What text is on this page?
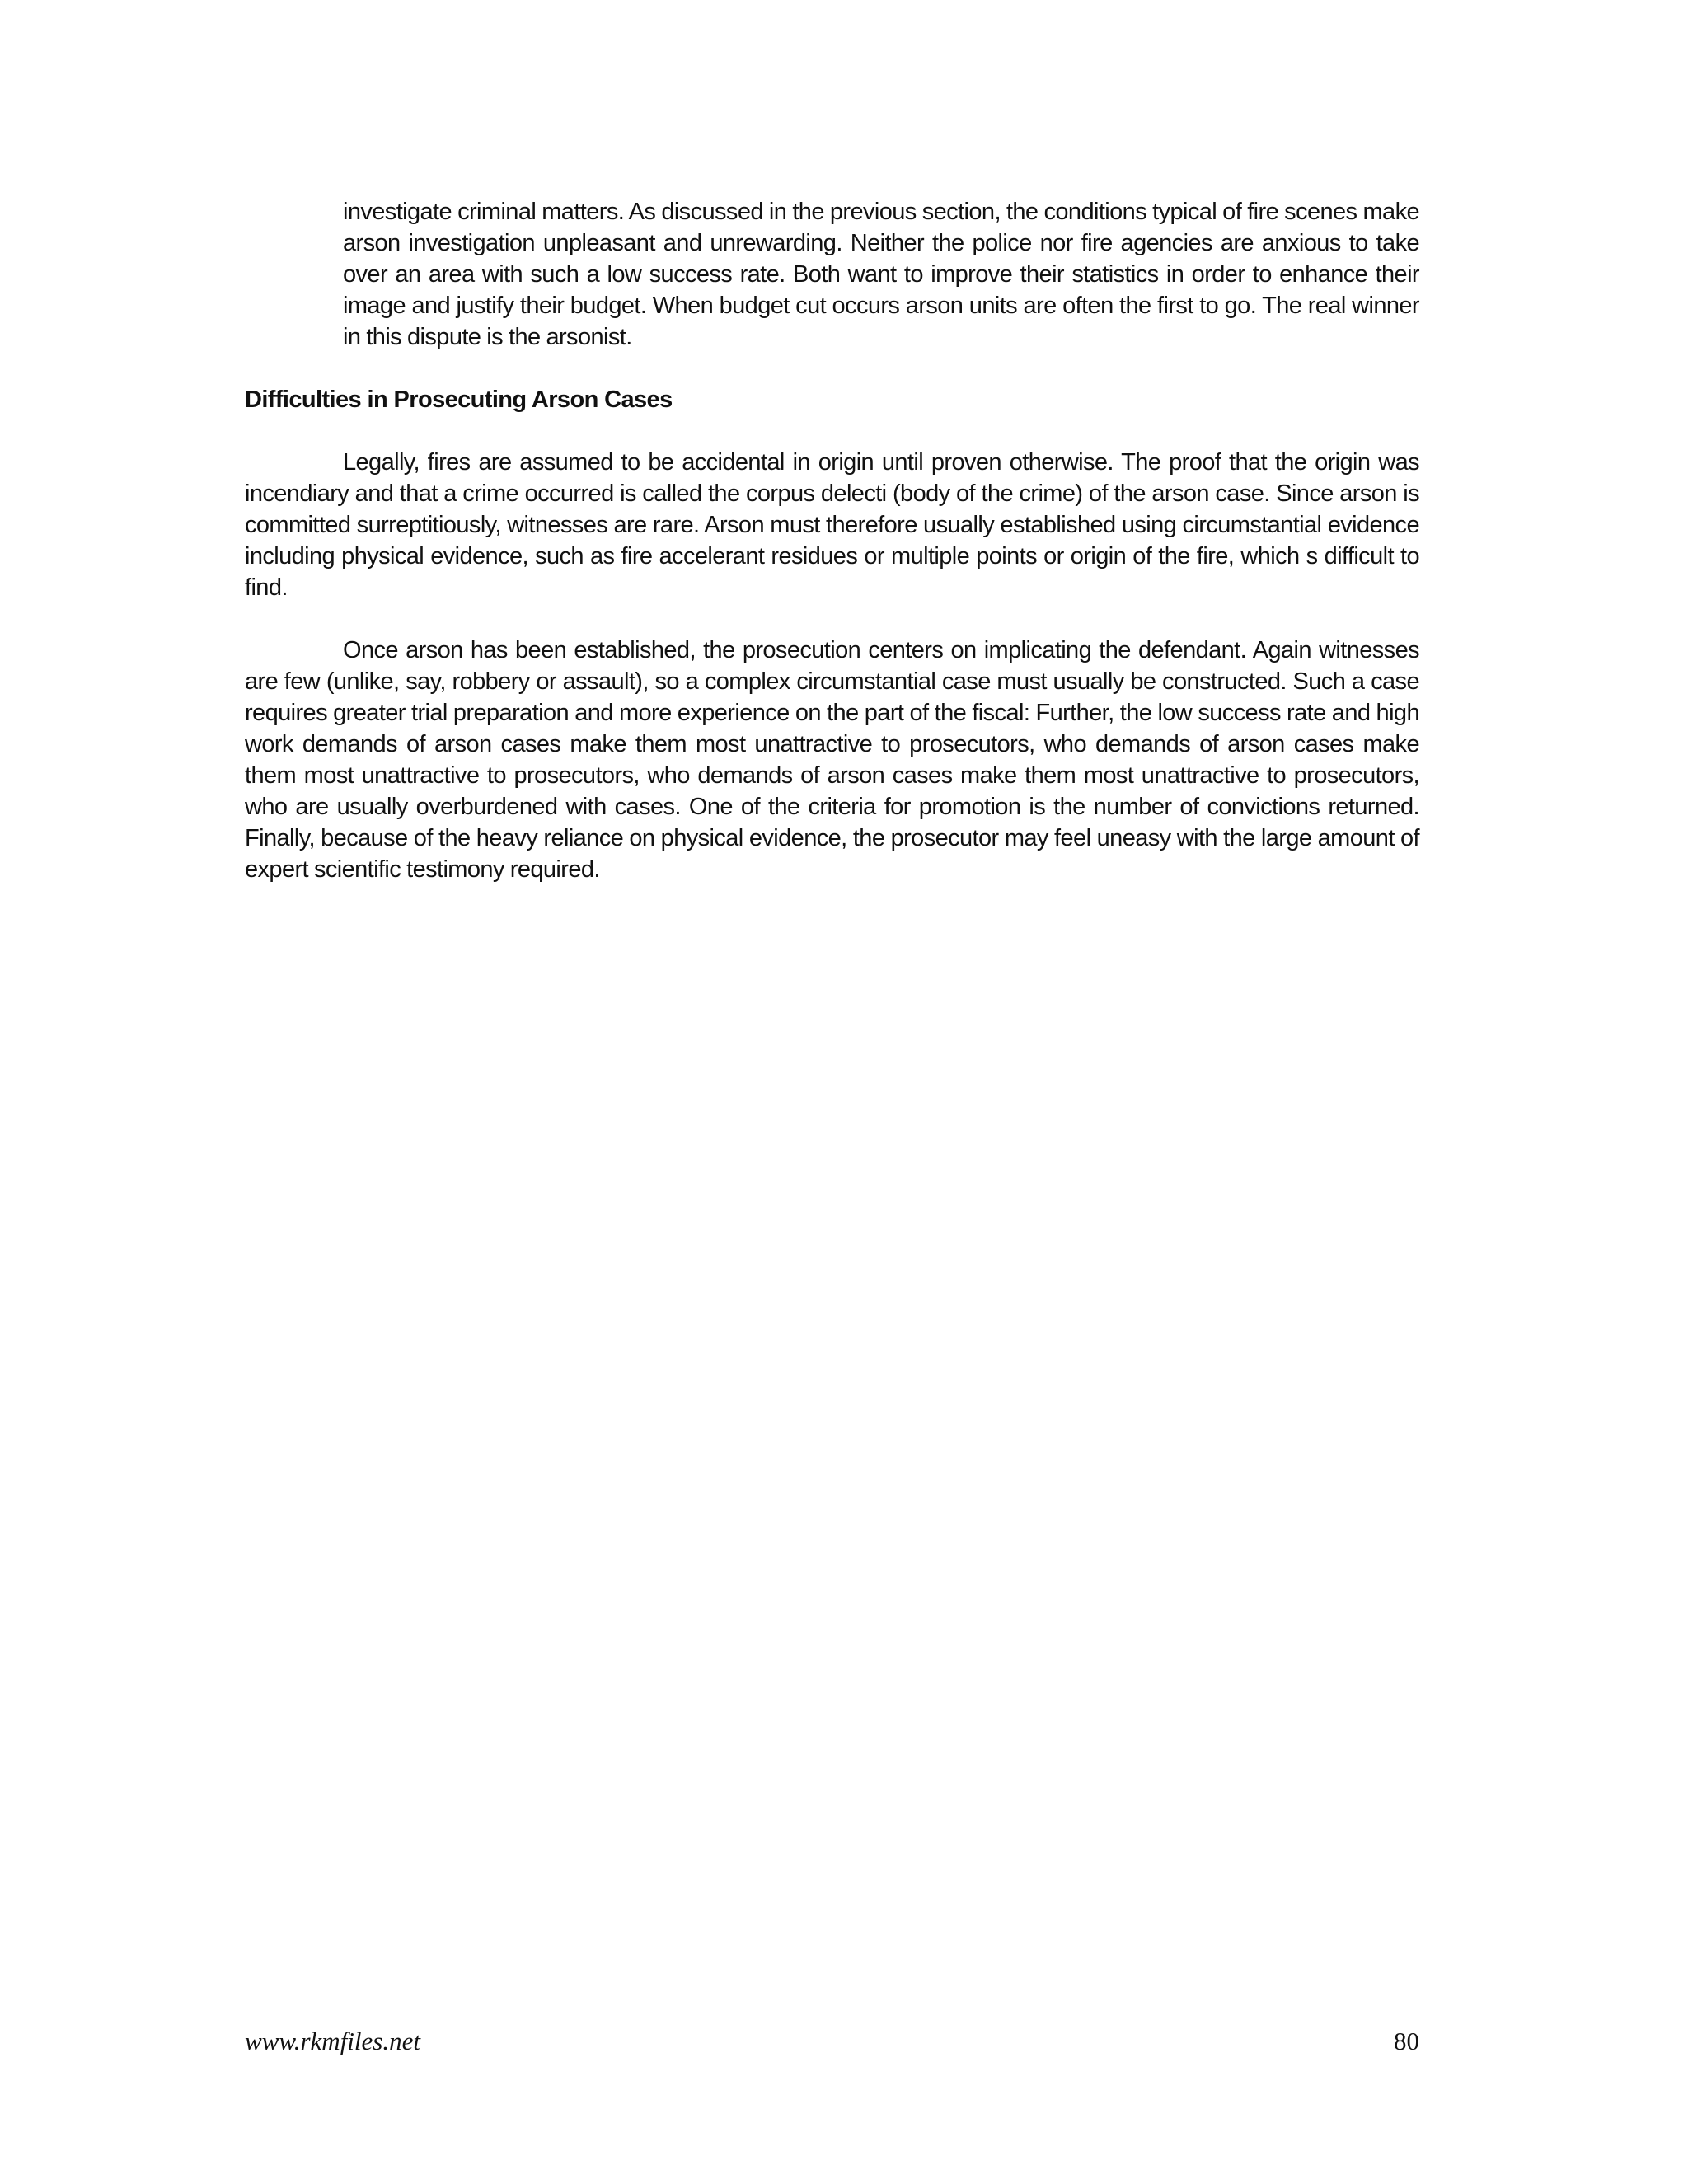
investigate criminal matters. As discussed in the previous section, the conditions typical of fire scenes make arson investigation unpleasant and unrewarding. Neither the police nor fire agencies are anxious to take over an area with such a low success rate. Both want to improve their statistics in order to enhance their image and justify their budget. When budget cut occurs arson units are often the first to go. The real winner in this dispute is the arsonist.

Difficulties in Prosecuting Arson Cases

Legally, fires are assumed to be accidental in origin until proven otherwise. The proof that the origin was incendiary and that a crime occurred is called the corpus delecti (body of the crime) of the arson case. Since arson is committed surreptitiously, witnesses are rare. Arson must therefore usually established using circumstantial evidence including physical evidence, such as fire accelerant residues or multiple points or origin of the fire, which s difficult to find.

Once arson has been established, the prosecution centers on implicating the defendant. Again witnesses are few (unlike, say, robbery or assault), so a complex circumstantial case must usually be constructed. Such a case requires greater trial preparation and more experience on the part of the fiscal: Further, the low success rate and high work demands of arson cases make them most unattractive to prosecutors, who demands of arson cases make them most unattractive to prosecutors, who demands of arson cases make them most unattractive to prosecutors, who are usually overburdened with cases. One of the criteria for promotion is the number of convictions returned. Finally, because of the heavy reliance on physical evidence, the prosecutor may feel uneasy with the large amount of expert scientific testimony required.

www.rkmfiles.net	80
